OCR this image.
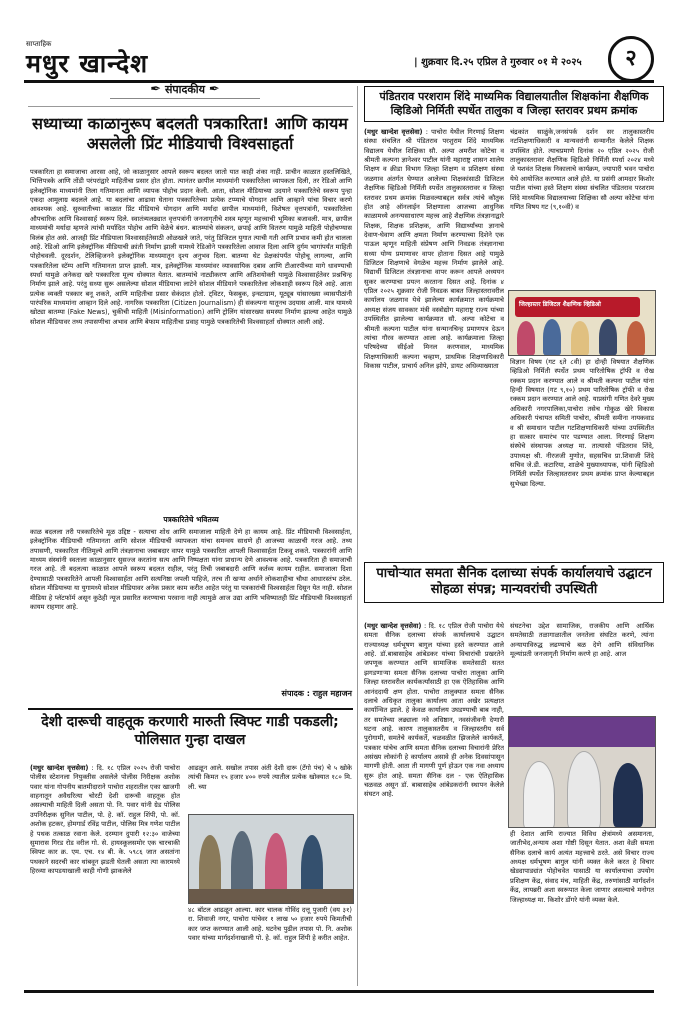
साप्ताहिक
मधुर खान्देश	| शुक्रवार दि.२५ एप्रिल ते गुरुवार ०१ मे २०२५	२
✒ संपादकीय ✒
सध्याच्या काळानुरूप बदलती पत्रकारिता! आणि कायम असलेली प्रिंट मीडियाची विश्वसाहर्ता
पत्रकारिता हा समाजाचा आरसा आहे, जो काळानुसार आपले स्वरूप बदलत जातो यात काही शंका नाही. प्राचीन काळात हस्तलिखिते, भित्तिपत्रके आणि तोंडी परंपरांद्वारे माहितीचा प्रसार होत होता. त्यानंतर छापील माध्यमांनी पत्रकारितेला व्यापकता दिली, तर रेडिओ आणि इलेक्ट्रॉनिक माध्यमांनी तिला गतिमानता आणि व्यापक पोहोच प्रदान केली. आता, सोशल मीडियाच्या उदयाने पत्रकारितेचे स्वरूप पुन्हा एकदा आमूलाग्र बदलले आहे. या बदलांचा आढावा घेताना पत्रकारितेच्या प्रत्येक टप्प्याचे योगदान आणि आव्हाने यांचा विचार करणे आवश्यक आहे. सुरुवातीच्या काळात प्रिंट मीडियाचे योगदान आणि मर्यादा छापील माध्यमांनी, विशेषतः वृत्तपत्रांनी, पत्रकारितेला औपचारिक आणि विश्वासार्ह स्वरूप दिले. स्वातंत्र्यलढ्यात वृत्तपत्रांनी जनजागृतीचे शस्त्र म्हणून महत्त्वाची भूमिका बजावली. मात्र, छापील माध्यमांची मर्यादा म्हणजे त्यांची मर्यादित पोहोच आणि वेळेचे बंधन. बातम्यांचे संकलन, छपाई आणि वितरण यामुळे माहिती पोहोचण्यास विलंब होत असे. आजही प्रिंट मीडियाला विश्वासार्हतेसाठी ओळखले जाते, परंतु डिजिटल युगात त्याची गती आणि प्रभाव कमी होत चालला आहे. रेडिओ आणि इलेक्ट्रॉनिक मीडियाची क्रांती निर्माण झाली यामध्ये रेडिओने पत्रकारितेला आवाज दिला आणि दुर्गम भागांपर्यंत माहिती पोहोचवली. दूरदर्शन, टेलिव्हिजनने इलेक्ट्रॉनिक माध्यमातून दृश्य अनुभव दिला. बातम्या थेट प्रेक्षकांपर्यंत पोहोचू लागल्या, आणि पत्रकारितेला स्टॅम्प आणि गतिमानता प्राप्त झाली. मात्र, इलेक्ट्रॉनिक माध्यमांवर व्यावसायिक दबाव आणि टीआरपीच्या मागे धावण्याची स्पर्धा यामुळे अनेकदा खरे पत्रकारिता मूल्य धोक्यात येतात. बातम्यांचे नाट्यीकरण आणि अतिशयोक्ती यामुळे विश्वासार्हतेवर प्रश्नचिन्ह निर्माण झाले आहे. परंतु सध्या सुरू असलेल्या सोशल मीडियाचा लाटेने सोशल मीडियाने पत्रकारितेला लोकशाही स्वरूप दिले आहे. आता प्रत्येक व्यक्ती पत्रकार बनू शकते, आणि माहितीचा प्रसार सेकंदात होतो. ट्विटर, फेसबुक, इन्स्टाग्राम, यूट्यूब यांसारख्या व्यासपीठांनी पारंपरिक माध्यमांना आव्हान दिले आहे. नागरिक पत्रकारिता (Citizen Journalism) ही संकल्पना यातूनच उदयास आली. मात्र यामध्ये खोट्या बातम्या (Fake News), चुकीची माहिती (Misinformation) आणि ट्रोलिंग यांसारख्या समस्या निर्माण झाल्या आहेत यामुळे सोशल मीडियावर तथ्य तपासणीचा अभाव आणि बेफाम माहितीचा प्रवाह यामुळे पत्रकारितेची विश्वसाहर्ता धोक्यात आली आहे.
पत्रकारितेचे भवितव्य
काळ बदलला तरी पत्रकारितेचे मूळ उद्दिष्ट - सत्याचा शोध आणि समाजाला माहिती देणे हा कायम आहे. प्रिंट मीडियाची विश्वसार्हता, इलेक्ट्रॉनिक मीडियाची गतिमानता आणि सोशल मीडियाची व्यापकता यांचा समन्वय साधणे ही आजच्या काळाची गरज आहे. तथ्य तपासणी, पत्रकारिता नीतिमूल्ये आणि तंत्रज्ञानाचा जबाबदार वापर यामुळे पत्रकारिता आपली विश्वासार्हता टिकवू शकते. पत्रकारांनी आणि माध्यम संस्थांनी स्वतःला काळानुसार सुसज्ज करतांना सत्य आणि निष्पक्षता यांना प्राधान्य देणे आवश्यक आहे. पत्रकारिता ही समाजाची गरज आहे. ती बदलत्या काळात आपले स्वरूप बदलत राहील, परंतु तिची जबाबदारी आणि कर्तव्य कायम राहील. समाजाला दिशा देण्यासाठी पत्रकारितेने आपली विश्वासार्हता आणि सत्यनिष्ठा जपली पाहिजे, तरच ती खऱ्या अर्थाने लोकशाहीचा चौथा आधारस्तंभ ठरेल. सोशल मीडियाच्या या युगामध्ये सोशल मीडियावर अनेक प्रकार काम करीत आहेत परंतु या पत्रकारांची विश्वसार्हता दिसून येत नाही. सोशल मीडिया हे प्लॅटफॉर्म असून कुठेही न्यूज प्रसारित करण्याचा परवाना नाही त्यामुळे आज उद्या आणि भविष्यातही प्रिंट मीडियाची विश्वसाहर्ता कायम राहणार आहे.
संपादक : राहुल महाजन
देशी दारूची वाहतूक करणारी मारुती स्विफ्ट गाडी पकडली; पोलिसात गुन्हा दाखल
(मधुर खान्देश वृत्तसेवा) : दि. १८ एप्रिल २०२५ रोजी पाचोरा पोलीस स्टेशनला नियुक्तीस असलेले पोलीस निरीक्षक अशोक पवार यांना गोपनीय बातमीदाराने पाचोरा शहरातील एका खाजगी वाहनातून अवैधरित्या चोरटी देशी दारूची वाहतूक होत असल्याची माहिती दिली असता पो. नि. पवार यांनी ग्रेड पोलिस उपनिरीक्षक सुनिल पाटील, पो. हे. कॉ. राहुल शिंपी, पो. कॉ. अशोक हटकर, होमगार्ड रविंद्र पाटील, पोलिस मित्र गणेश पाटील हे पथक तत्काळ रवाना केले. दरम्यान दुपारी १२:३० वाजेच्या सुमारास गिरड रोड वरील गो. से. हायस्कूलसमोर एक चारचाकी स्विफ्ट कार क्र. एम. एच. १४ बी. के. ५९८६ जात असतांना पथकाने सदरची कार थांबवून झडती घेतली असता त्या कारमध्ये हिरव्या कापडयाखाली काही गोणी झाकलेले
आढळून आले. सखोल तपास अंती देशी दारू (टँगो पंच) चे ५ खोके त्यांची किमत १५ हजार ४०० रुपये त्यातील प्रत्येक खोक्यात १८० मि. ली. च्या
४८ बॉटल आढळून आल्या. कार चालक गोविंद दत्तू पुजारी (वय ३१) रा. शिवाजी नगर, पाचोरा यांचेवर १ लाख ५० हजार रुपये किमतीची कार जप्त करण्यात आली आहे. घटनेच पुढील तपास पो. नि. अशोक पवार यांच्या मार्गदर्शनाखाली पो. हे. कॉ. राहुल शिंपी हे करीत आहेत.
पंडितराव परशराम शिंदे माध्यमिक विद्यालयातील शिक्षकांना शैक्षणिक व्हिडिओ निर्मिती स्पर्धेत तालुका व जिल्हा स्तरावर प्रथम क्रमांक
(मधुर खान्देश वृत्तसेवा) : पाचोरा येथील गिरणाई शिक्षण संस्था संचलित श्री पंडितराव परशुराम शिंदे माध्यमिक विद्यालय येथील शिक्षिका सौ. अल्पा अमरीश कोटेचा व श्रीमती कल्पना ज्ञानेश्वर पाटील यांनी महाराष्ट्र शासन शालेय शिक्षण व क्रीडा विभाग जिल्हा शिक्षण व प्रशिक्षण संस्था जळगाव अंतर्गत घेण्यात आलेल्या शिक्षकांसाठी डिजिटल शैक्षणिक व्हिडिओ निर्मिती स्पर्धेत तालुकास्तरावर व जिल्हा स्तरावर प्रथम क्रमांक मिळवल्याबद्दल सर्वत्र त्यांचे कौतुक होत आहे ऑनलाईन शिक्षणाला आजच्या आधुनिक काळामध्ये अनन्यसाधारण महत्त्व आहे शैक्षणिक तंत्रज्ञानाद्वारे शिक्षक, शिक्षक प्रशिक्षक, आणि विद्यार्थ्यांच्या ज्ञानाचे देवाण-घेवाण आणि क्षमता निर्माण करण्याच्या दिशेने एक पाऊल म्हणून माहिती संप्रेषण आणि निवडक तंत्रज्ञानाचा सध्या योग्य प्रमाणावर वापर होताना दिसत आहे यामुळे डिजिटल शिक्षणाचे वेगळेच महत्त्व निर्माण झालेले आहे. विद्यार्थी डिजिटल तंत्रज्ञानाचा वापर करून आपले अध्ययन सुकर करण्याचा प्रयत्न करताना दिसत आहे. दिनांक ४ एप्रिल २०२५ शुक्रवार रोजी निवडक बाबत जिल्हास्तरावरील कार्यालय जळगाव येथे झालेल्या कार्यक्रमात कार्यक्रमाचे अध्यक्ष संजय सावकार मंत्री वस्त्रोद्योग महाराष्ट्र राज्य यांच्या उपस्थितीत झालेल्या कार्यक्रमात सौ. अल्पा कोटेचा व श्रीमती कल्पना पाटील यांना सन्मानचिन्ह प्रमाणपत्र देऊन त्यांचा गौरव करण्यात आला आहे. कार्यक्रमाला जिल्हा परिषदेच्या सीईओ मिनल करणवाल, माध्यमिक शिक्षणाधिकारी कल्पना चव्हाण, प्राथमिक शिक्षणाधिकारी विकास पाटील, प्राचार्य अनिल झोपे, डायट अधिव्याख्याता
चंद्रकांत साळुंके,जनसंपर्क दर्शन सर तालुकास्तरीय नटशिक्षणाधिकारी व मान्यवरांनी सन्मानीत केलेले शिक्षक उपस्थित होते. त्याचप्रमाणे दिनांक २० एप्रिल २०२५ रोजी तालुकास्तरावर शैक्षणिक व्हिडिओ निर्मिती स्पर्धा २०२४ मध्ये जे यशवंत शिक्षक निकालाचे कार्यक्रम, ज्यापारी भवन पाचोरा येथे आयोजित करण्यात आले होते. या प्रसंगी आमदार किशोर पाटील यांच्या हस्ते शिक्षण संस्था संचलित पंडितराव परशराम शिंदे माध्यमिक विद्यालयाच्या शिक्षिका सौ अल्पा कोटेचा यांना गणित विषय गट (९,१०वी) व
जिल्हास्तर डिजिटल शैक्षणिक व्हिडिओ
विज्ञान विषय (गट ६ते ८वी) हा दोन्ही विषयात शैक्षणिक व्हिडिओ निर्मिती स्पर्धेत प्रथम पारितोषिक ट्रॉफी व रोख रक्कम प्रदान करण्यात आले व श्रीमती कल्पना पाटील यांना हिन्दी विषयात (गट ९,१०) प्रथम पारितोषिक ट्रॉफी व रोख रक्कम प्रदान करण्यात आले आहे. याप्रसंगी गणित देवरे मुख्य अधिकारी नगरपालिका,पाचोरा तसेच गोकुळ खेरे विकास अधिकारी पंचायत समिती पाचोरा, श्रीमती समीना नायकवाड व श्री समाधान पाटील गटशिक्षणाधिकारी यांच्या उपस्थितीत हा सत्कार समारंभ पार पडण्यात आला. गिरणाई शिक्षण संस्थेचे संस्थापक अध्यक्ष मा. तात्यासो पंडितराव शिंदे, उपाध्यक्ष श्री. नीरजजी मुणोत, सहसचिव प्रा.शिवाजी शिंदे सचिव जे.डी. कटारिया, शाळेचे मुख्याध्यापक, यांनी व्हिडिओ निर्मिती स्पर्धेत जिल्हास्तरावर प्रथम क्रमांक प्राप्त केल्याबद्दल सुभेच्छा दिल्या.
पाचोऱ्यात समता सैनिक दलाच्या संपर्क कार्यालयाचे उद्घाटन सोहळा संपन्न; मान्यवरांची उपस्थिती
(मधुर खान्देश वृत्तसेवा) : दि. १८ एप्रिल रोजी पाचोरा येथे समता सैनिक दलाच्या संपर्क कार्यालयाचे उद्घाटन राज्याध्यक्ष धर्मभूषण बागुल यांच्या हस्ते करण्यात आले आहे. डॉ.बाबासाहेब आंबेडकर यांच्या विचारांची प्रखरतेने जपणूक करण्यात आणि सामाजिक समतेसाठी सतत झगडणाऱ्या समता सैनिक दलाच्या पाचोरा तालुका आणि जिल्हा स्तरावरील कार्यकर्त्यांसाठी हा एक ऐतिहासिक आणि आनंददायी क्षण होता. पाचोरा तालुक्यात समता सैनिक दलाचे अधिकृत तालुका कार्यालय आता अखेर प्रत्यक्षात कार्यान्वित झाले. हे केवळ कार्यालय उघडण्याची बाब नाही, तर समतेच्या लढ्याला नवे अधिष्ठान, नवसंजीवनी देणारी घटना आहे. कारण तालुकास्तरीय व जिल्हास्तरीय सर्व पुरोगामी, समतेचे कार्यकर्ते, चळवळीत झिजलेले कार्यकर्ते, पत्रकार यांचेच आणि समता सैनिक दलाच्या विचारांनी प्रेरित असंख्य लोकांनी हे कार्यालय असावे ही अनेक दिवसांपासून मागणी होती. आता ती मागणी पूर्ण होऊन एक नवा अध्याय सुरू होत आहे. समता सैनिक दल - एक ऐतिहासिक चळवळ असून डॉ. बाबासाहेब आंबेडकरांनी स्थापन केलेले संघटन आहे.
संघटनेचा उद्देश सामाजिक, राजकीय आणि आर्थिक समतेसाठी तळागाळातील जनतेला संघटित करणे, त्यांना अन्यायाविरुद्ध लढण्याचे बळ देणे आणि संविधानिक मूल्यांप्रती जनजागृती निर्माण करणे हा आहे. आज
ही देशात आणि राज्यात विविध क्षेत्रांमध्ये असमानता, जातीभेद,अन्याय अशा गोष्टी दिसून येतात. अशा वेळी समता सैनिक दलाचे कार्य अत्यंत महत्त्वाचे ठरते. असे विचार राज्य अध्यक्ष धर्मभूषण बागुल यांनी व्यक्त केले करत हे विचार खेड्यापाड्यांत पोहोचवेत यासाठी या कार्यालयाचा उपयोग प्रशिक्षण केंद्र, संवाद मंच, माहिती केंद्र, तरुणांसाठी मार्गदर्शन केंद्र, लायब्ररी अशा स्वरूपात केला जाणार असल्याचे मनोगत जिल्हाध्यक्ष मा. किशोर डोंगरे यांनी व्यक्त केले.
